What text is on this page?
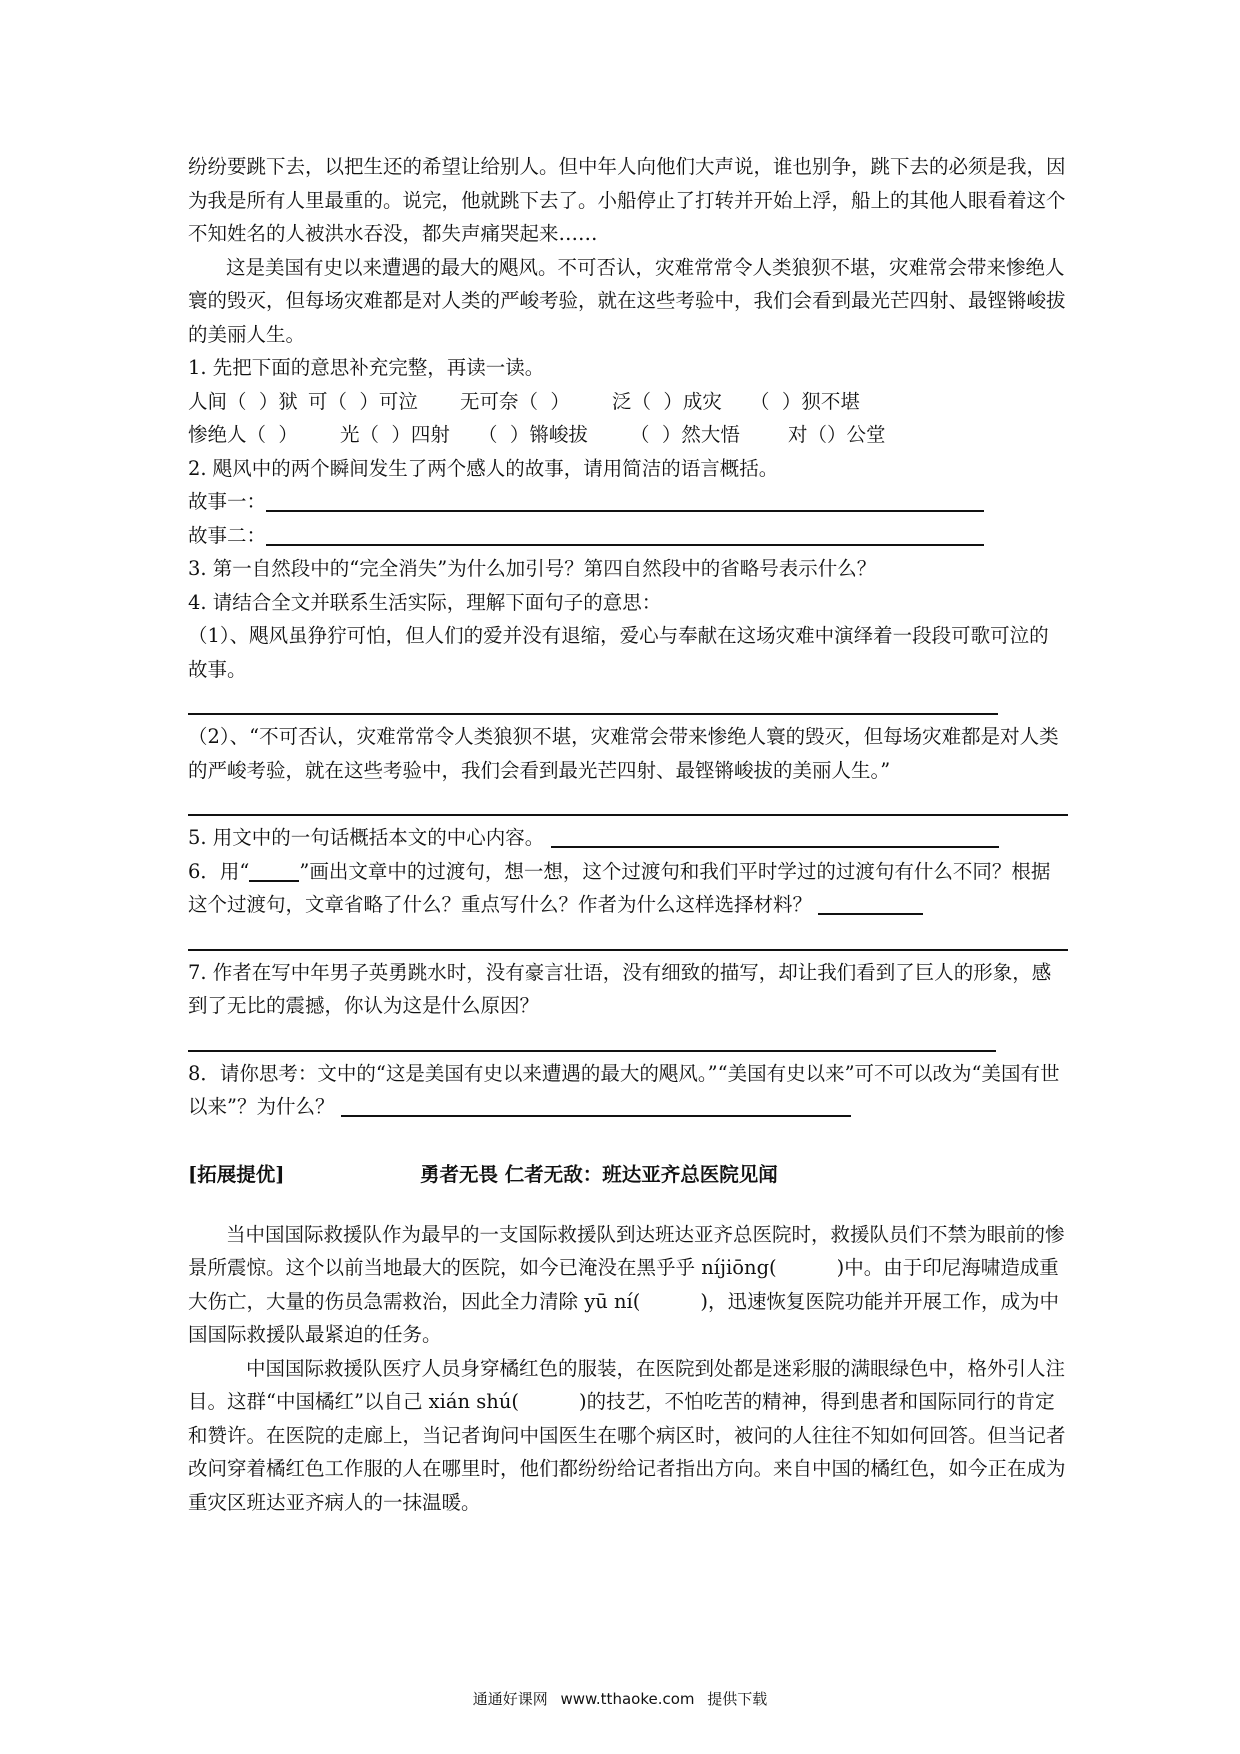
纷纷要跳下去，以把生还的希望让给别人。但中年人向他们大声说，谁也别争，跳下去的必须是我，因为我是所有人里最重的。说完，他就跳下去了。小船停止了打转并开始上浮，船上的其他人眼看着这个不知姓名的人被洪水吞没，都失声痛哭起来……

这是美国有史以来遭遇的最大的飓风。不可否认，灾难常常令人类狼狈不堪，灾难常会带来惨绝人寰的毁灭，但每场灾难都是对人类的严峻考验，就在这些考验中，我们会看到最光芒四射、最铿锵峻拔的美丽人生。

1. 先把下面的意思补充完整，再读一读。

人间（  ）狱 可（  ）可泣	无可奈（  ）	泛（  ）成灾	（  ）狈不堪
惨绝人（  ）	光（  ）四射	（  ）锵峻拔	（  ）然大悟	对（）公堂

2. 飓风中的两个瞬间发生了两个感人的故事，请用简洁的语言概括。

故事一：
故事二：

3. 第一自然段中的“完全消失”为什么加引号？第四自然段中的省略号表示什么？

4. 请结合全文并联系生活实际，理解下面句子的意思：

（1）、飓风虽狰狞可怕，但人们的爱并没有退缩，爱心与奉献在这场灾难中演绎着一段段可歌可泣的故事。

（2）、“不可否认，灾难常常令人类狼狈不堪，灾难常会带来惨绝人寰的毁灭，但每场灾难都是对人类的严峻考验，就在这些考验中，我们会看到最光芒四射、最铿锵峻拔的美丽人生。”

5. 用文中的一句话概括本文的中心内容。

6．用“	”画出文章中的过渡句，想一想，这个过渡句和我们平时学过的过渡句有什么不同？根据这个过渡句，文章省略了什么？重点写什么？作者为什么这样选择材料？

7. 作者在写中年男子英勇跳水时，没有豪言壮语，没有细致的描写，却让我们看到了巨人的形象，感到了无比的震撼，你认为这是什么原因？

8．请你思考：文中的“这是美国有史以来遭遇的最大的飓风。”“美国有史以来”可不可以改为“美国有世以来”？为什么？

[拓展提优]	勇者无畏 仁者无敌：班达亚齐总医院见闻

当中国国际救援队作为最早的一支国际救援队到达班达亚齐总医院时，救援队员们不禁为眼前的惨景所震惊。这个以前当地最大的医院，如今已淹没在黑乎乎 níjiōng(	)中。由于印尼海啸造成重大伤亡，大量的伤员急需救治，因此全力清除 yū ní(	)，迅速恢复医院功能并开展工作，成为中国国际救援队最紧迫的任务。

中国国际救援队医疗人员身穿橘红色的服装，在医院到处都是迷彩服的满眼绿色中，格外引人注目。这群“中国橘红”以自己 xián shú(	)的技艺，不怕吃苦的精神，得到患者和国际同行的肯定和赞许。在医院的走廊上，当记者询问中国医生在哪个病区时，被问的人往往不知如何回答。但当记者改问穿着橘红色工作服的人在哪里时，他们都纷纷给记者指出方向。来自中国的橘红色，如今正在成为重灾区班达亚齐病人的一抹温暖。

通通好课网 www.tthaoke.com 提供下载
